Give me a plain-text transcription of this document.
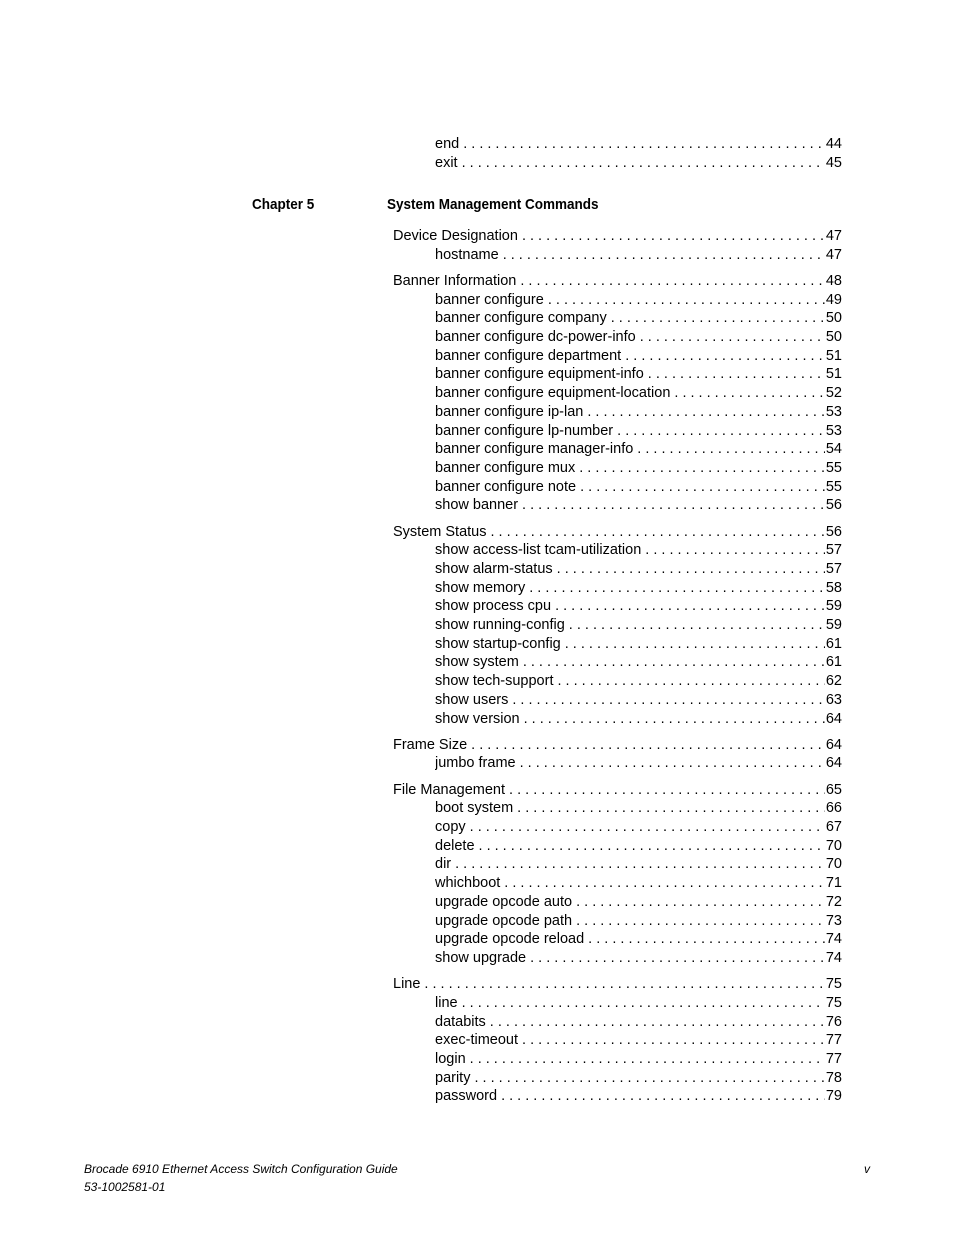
end . . .	44
exit . . .	45
Device Designation . . .	47
hostname . . .	47
Banner Information . . .	48
banner configure . . .	49
banner configure company . . .	50
banner configure dc-power-info . . .	50
banner configure department . . .	51
banner configure equipment-info . . .	51
banner configure equipment-location . . .	52
banner configure ip-lan . . .	53
banner configure lp-number . . .	53
banner configure manager-info . . .	54
banner configure mux . . .	55
banner configure note . . .	55
show banner . . .	56
System Status . . .	56
show access-list tcam-utilization . . .	57
show alarm-status . . .	57
show memory . . .	58
show process cpu . . .	59
show running-config . . .	59
show startup-config . . .	61
show system . . .	61
show tech-support . . .	62
show users . . .	63
show version . . .	64
Frame Size . . .	64
jumbo frame . . .	64
File Management . . .	65
boot system . . .	66
copy . . .	67
delete . . .	70
dir . . .	70
whichboot . . .	71
upgrade opcode auto . . .	72
upgrade opcode path . . .	73
upgrade opcode reload . . .	74
show upgrade . . .	74
Line . . .	75
line . . .	75
databits . . .	76
exec-timeout . . .	77
login . . .	77
parity . . .	78
password . . .	79
Chapter 5	System Management Commands
Brocade 6910 Ethernet Access Switch Configuration Guide
53-1002581-01
v
